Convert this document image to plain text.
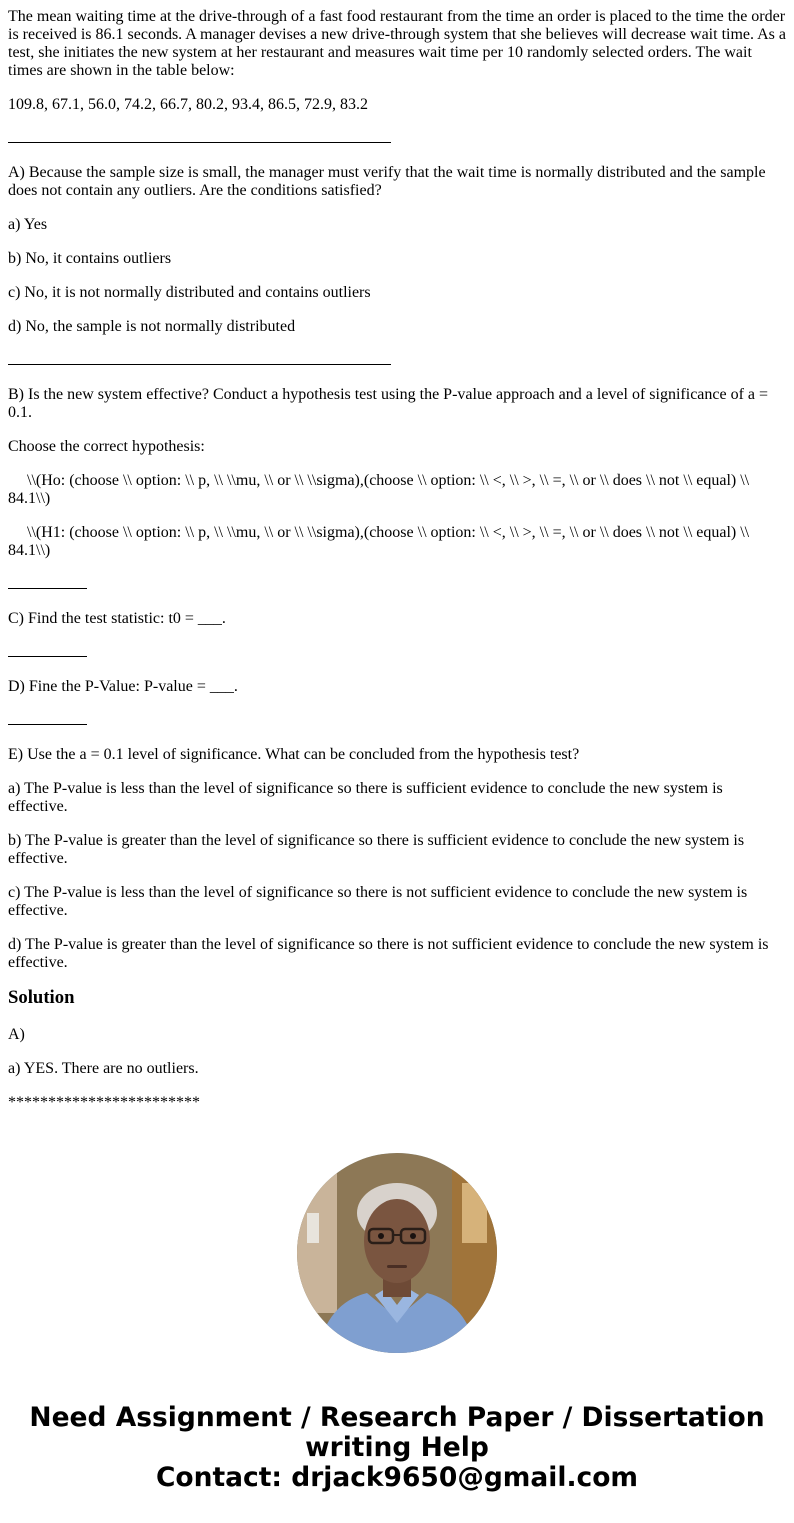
The mean waiting time at the drive-through of a fast food restaurant from the time an order is placed to the time the order is received is 86.1 seconds. A manager devises a new drive-through system that she believes will decrease wait time. As a test, she initiates the new system at her restaurant and measures wait time per 10 randomly selected orders. The wait times are shown in the table below:

109.8, 67.1, 56.0, 74.2, 66.7, 80.2, 93.4, 86.5, 72.9, 83.2

A) Because the sample size is small, the manager must verify that the wait time is normally distributed and the sample does not contain any outliers. Are the conditions satisfied?

a) Yes

b) No, it contains outliers

c) No, it is not normally distributed and contains outliers

d) No, the sample is not normally distributed

B) Is the new system effective? Conduct a hypothesis test using the P-value approach and a level of significance of a = 0.1.

Choose the correct hypothesis:

\\(Ho: (choose \\ option: \\ p, \\ \\mu, \\ or \\ \\sigma),(choose \\ option: \\ <, \\ >, \\ =, \\ or \\ does \\ not \\ equal) \\ 84.1\\)

\\(H1: (choose \\ option: \\ p, \\ \\mu, \\ or \\ \\sigma),(choose \\ option: \\ <, \\ >, \\ =, \\ or \\ does \\ not \\ equal) \\ 84.1\\)

C) Find the test statistic: t0 = ___.

D) Fine the P-Value: P-value = ___.

E) Use the a = 0.1 level of significance. What can be concluded from the hypothesis test?

a) The P-value is less than the level of significance so there is sufficient evidence to conclude the new system is effective.

b) The P-value is greater than the level of significance so there is sufficient evidence to conclude the new system is effective.

c) The P-value is less than the level of significance so there is not sufficient evidence to conclude the new system is effective.

d) The P-value is greater than the level of significance so there is not sufficient evidence to conclude the new system is effective.

Solution

A)

a) YES. There are no outliers.

************************

Need Assignment / Research Paper / Dissertation
writing Help
Contact: drjack9650@gmail.com
